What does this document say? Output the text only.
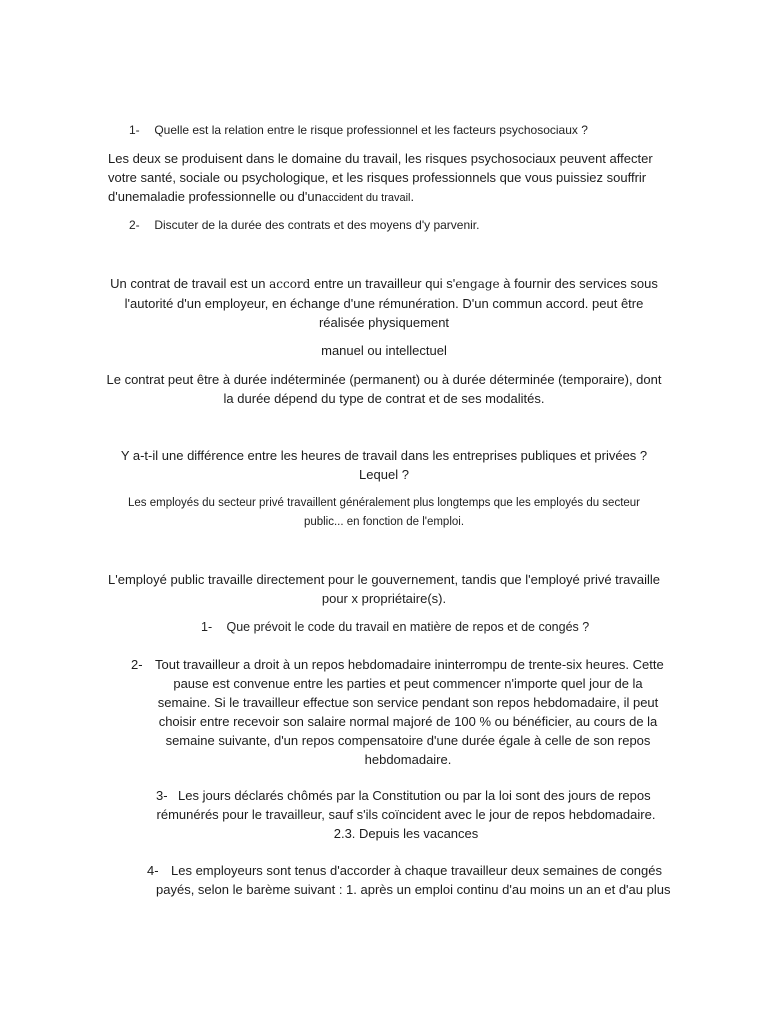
1- Quelle est la relation entre le risque professionnel et les facteurs psychosociaux ?
Les deux se produisent dans le domaine du travail, les risques psychosociaux peuvent affecter
votre santé, sociale ou psychologique, et les risques professionnels que vous puissiez souffrir
d'unemaladie professionnelle ou d'unaccident du travail.
2- Discuter de la durée des contrats et des moyens d'y parvenir.
Un contrat de travail est un accord entre un travailleur qui s'engage à fournir des services sous
l'autorité d'un employeur, en échange d'une rémunération. D'un commun accord. peut être
réalisée physiquement
manuel ou intellectuel
Le contrat peut être à durée indéterminée (permanent) ou à durée déterminée (temporaire), dont
la durée dépend du type de contrat et de ses modalités.
Y a-t-il une différence entre les heures de travail dans les entreprises publiques et privées ?
Lequel ?
Les employés du secteur privé travaillent généralement plus longtemps que les employés du secteur
public... en fonction de l'emploi.
L'employé public travaille directement pour le gouvernement, tandis que l'employé privé travaille
pour x propriétaire(s).
1- Que prévoit le code du travail en matière de repos et de congés ?
2- Tout travailleur a droit à un repos hebdomadaire ininterrompu de trente-six heures. Cette
pause est convenue entre les parties et peut commencer n'importe quel jour de la
semaine. Si le travailleur effectue son service pendant son repos hebdomadaire, il peut
choisir entre recevoir son salaire normal majoré de 100 % ou bénéficier, au cours de la
semaine suivante, d'un repos compensatoire d'une durée égale à celle de son repos
hebdomadaire.
3- Les jours déclarés chômés par la Constitution ou par la loi sont des jours de repos
rémunérés pour le travailleur, sauf s'ils coïncident avec le jour de repos hebdomadaire.
2.3. Depuis les vacances
4- Les employeurs sont tenus d'accorder à chaque travailleur deux semaines de congés
payés, selon le barème suivant : 1. après un emploi continu d'au moins un an et d'au plus
